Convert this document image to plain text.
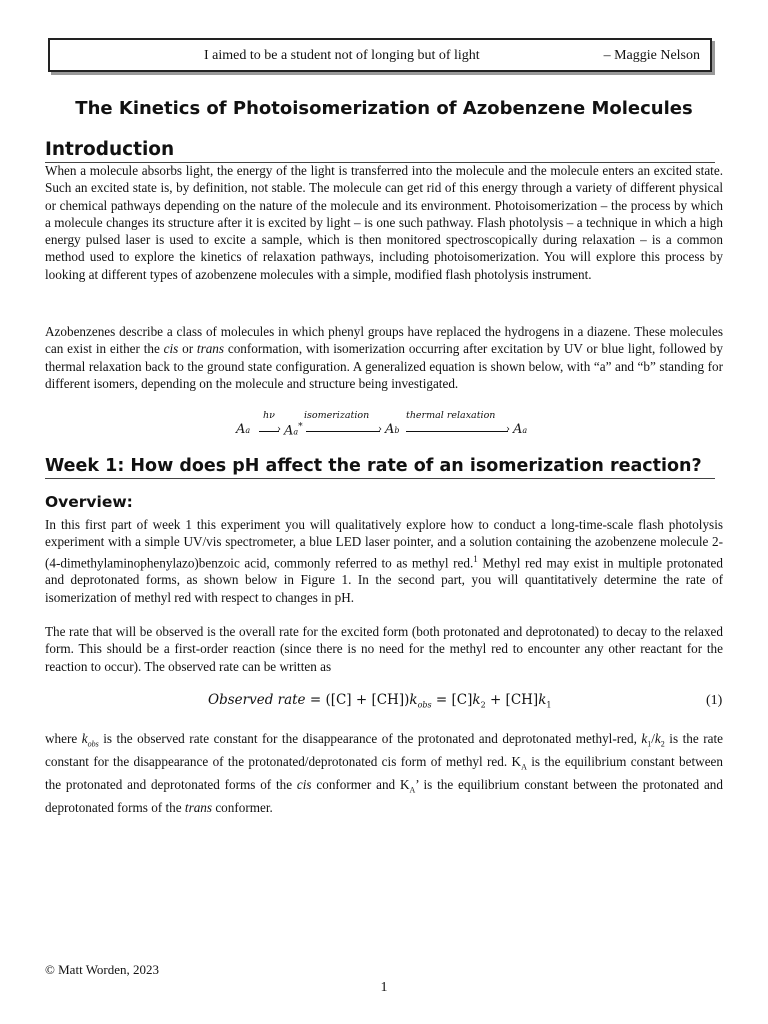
I aimed to be a student not of longing but of light	– Maggie Nelson
The Kinetics of Photoisomerization of Azobenzene Molecules
Introduction
When a molecule absorbs light, the energy of the light is transferred into the molecule and the molecule enters an excited state. Such an excited state is, by definition, not stable. The molecule can get rid of this energy through a variety of different physical or chemical pathways depending on the nature of the molecule and its environment. Photoisomerization – the process by which a molecule changes its structure after it is excited by light – is one such pathway. Flash photolysis – a technique in which a high energy pulsed laser is used to excite a sample, which is then monitored spectroscopically during relaxation – is a common method used to explore the kinetics of relaxation pathways, including photoisomerization. You will explore this process by looking at different types of azobenzene molecules with a simple, modified flash photolysis instrument.
Azobenzenes describe a class of molecules in which phenyl groups have replaced the hydrogens in a diazene. These molecules can exist in either the cis or trans conformation, with isomerization occurring after excitation by UV or blue light, followed by thermal relaxation back to the ground state configuration. A generalized equation is shown below, with “a” and “b” standing for different isomers, depending on the molecule and structure being investigated.
Aa
hν
› Aa*
isomerization
› Ab
thermal relaxation
› Aa
Week 1: How does pH affect the rate of an isomerization reaction?
Overview:
In this first part of week 1 this experiment you will qualitatively explore how to conduct a long-time-scale flash photolysis experiment with a simple UV/vis spectrometer, a blue LED laser pointer, and a solution containing the azobenzene molecule 2-(4-dimethylaminophenylazo)benzoic acid, commonly referred to as methyl red.$^1$ Methyl red may exist in multiple protonated and deprotonated forms, as shown below in Figure 1. In the second part, you will quantitatively determine the rate of isomerization of methyl red with respect to changes in pH.
The rate that will be observed is the overall rate for the excited form (both protonated and deprotonated) to decay to the relaxed form. This should be a first-order reaction (since there is no need for the methyl red to encounter any other reactant for the reaction to occur). The observed rate can be written as
Observed rate = $([C] + [CH])k_{obs} = [C]k_2 + [CH]k_1$	(1)
where $k_{obs}$ is the observed rate constant for the disappearance of the protonated and deprotonated methyl-red, $k_1/k_2$ is the rate constant for the disappearance of the protonated/deprotonated cis form of methyl red. $K_A$ is the equilibrium constant between the protonated and deprotonated forms of the cis conformer and $K_A$’ is the equilibrium constant between the protonated and deprotonated forms of the trans conformer.
© Matt Worden, 2023
1
